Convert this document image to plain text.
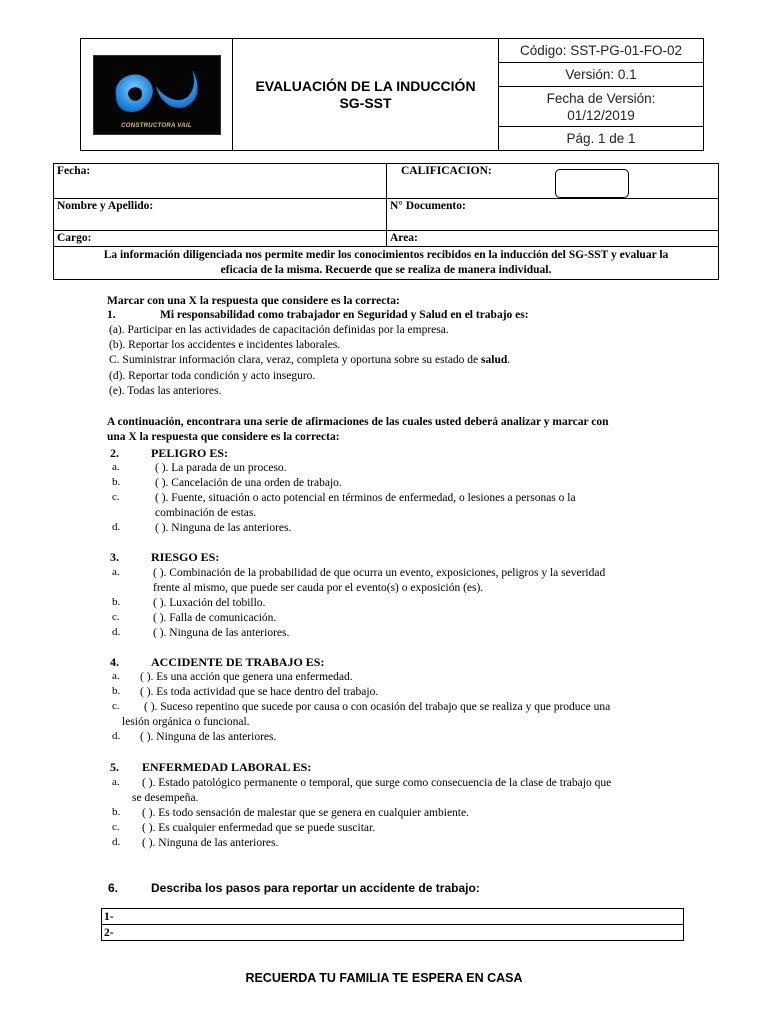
CONSTRUCTORA VAIL

EVALUACIÓN DE LA INDUCCIÓN
SG-SST
	Código: SST-PG-01-FO-02
Versión: 0.1

Fecha de Versión:
01/12/2019

Pág. 1 de 1
Fecha:	CALIFICACION:
Nombre y Apellido:	N° Documento:
Cargo:	Area:

La información diligenciada nos permite medir los conocimientos recibidos en la inducción del SG-SST y evaluar la
eficacia de la misma. Recuerde que se realiza de manera individual.	
Marcar con una X la respuesta que considere es la correcta:
1.	Mi responsabilidad como trabajador en Seguridad y Salud en el trabajo es:
(a). Participar en las actividades de capacitación definidas por la empresa.
(b). Reportar los accidentes e incidentes laborales.
C. Suministrar información clara, veraz, completa y oportuna sobre su estado de salud.
(d). Reportar toda condición y acto inseguro.
(e). Todas las anteriores.
A continuación, encontrara una serie de afirmaciones de las cuales usted deberá analizar y marcar con
una X la respuesta que considere es la correcta:
2.	PELIGRO ES:
a.	( ). La parada de un proceso.
b.	( ). Cancelación de una orden de trabajo.
c.	( ). Fuente, situación o acto potencial en términos de enfermedad, o lesiones a personas o la
combinación de estas.
d.	( ). Ninguna de las anteriores.
3.	RIESGO ES:
a.	( ). Combinación de la probabilidad de que ocurra un evento, exposiciones, peligros y la severidad
frente al mismo, que puede ser cauda por el evento(s) o exposición (es).
b.	( ). Luxación del tobillo.
c.	( ). Falla de comunicación.
d.	( ). Ninguna de las anteriores.
4.	ACCIDENTE DE TRABAJO ES:
a. ( ). Es una acción que genera una enfermedad.
b. ( ). Es toda actividad que se hace dentro del trabajo.
c. ( ). Suceso repentino que sucede por causa o con ocasión del trabajo que se realiza y que produce una
lesión orgánica o funcional.
d. ( ). Ninguna de las anteriores.
5. ENFERMEDAD LABORAL ES:
a. ( ). Estado patológico permanente o temporal, que surge como consecuencia de la clase de trabajo que
se desempeña.
b. ( ). Es todo sensación de malestar que se genera en cualquier ambiente.
c. ( ). Es cualquier enfermedad que se puede suscitar.
d. ( ). Ninguna de las anteriores.
6.	Describa los pasos para reportar un accidente de trabajo:
1-
2-
RECUERDA TU FAMILIA TE ESPERA EN CASA
